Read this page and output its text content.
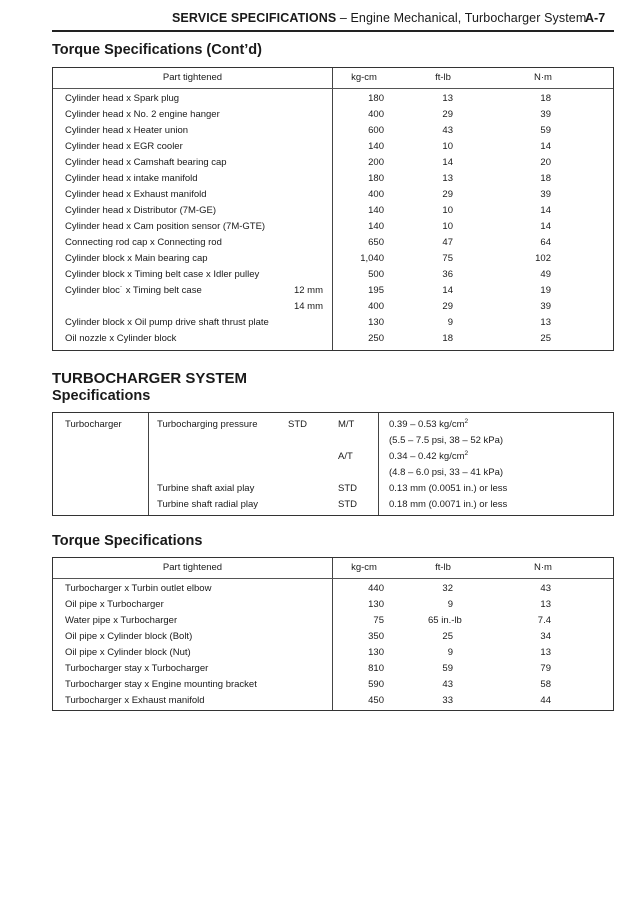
SERVICE SPECIFICATIONS – Engine Mechanical, Turbocharger System
A-7
Torque Specifications (Cont’d)
Part tightened	kg-cm	ft-lb	N·m
Cylinder head x Spark plug	180	13	18
Cylinder head x No. 2 engine hanger	400	29	39
Cylinder head x Heater union	600	43	59
Cylinder head x EGR cooler	140	10	14
Cylinder head x Camshaft bearing cap	200	14	20
Cylinder head x intake manifold	180	13	18
Cylinder head x Exhaust manifold	400	29	39
Cylinder head x Distributor (7M-GE)	140	10	14
Cylinder head x Cam position sensor (7M-GTE)	140	10	14
Connecting rod cap x Connecting rod	650	47	64
Cylinder block x Main bearing cap	1,040	75	102
Cylinder block x Timing belt case x Idler pulley	500	36	49
Cylinder bloc˙ x Timing belt case	12 mm	195	14	19
14 mm	400	29	39
Cylinder block x Oil pump drive shaft thrust plate	130	9	13
Oil nozzle x Cylinder block	250	18	25
TURBOCHARGER SYSTEM
Specifications
Turbocharger	Turbocharging pressure	STD	M/T	0.39 – 0.53 $kg/cm^2$
(5.5 – 7.5 psi, 38 – 52 kPa)
A/T	0.34 – 0.42 $kg/cm^2$
(4.8 – 6.0 psi, 33 – 41 kPa)
Turbine shaft axial play	STD	0.13 mm (0.0051 in.) or less
Turbine shaft radial play	STD	0.18 mm (0.0071 in.) or less
Torque Specifications
Part tightened	kg-cm	ft-lb	N·m
Turbocharger x Turbin outlet elbow	440	32	43
Oil pipe x Turbocharger	130	9	13
Water pipe x Turbocharger	75	65 in.-lb	7.4
Oil pipe x Cylinder block (Bolt)	350	25	34
Oil pipe x Cylinder block (Nut)	130	9	13
Turbocharger stay x Turbocharger	810	59	79
Turbocharger stay x Engine mounting bracket	590	43	58
Turbocharger x Exhaust manifold	450	33	44
